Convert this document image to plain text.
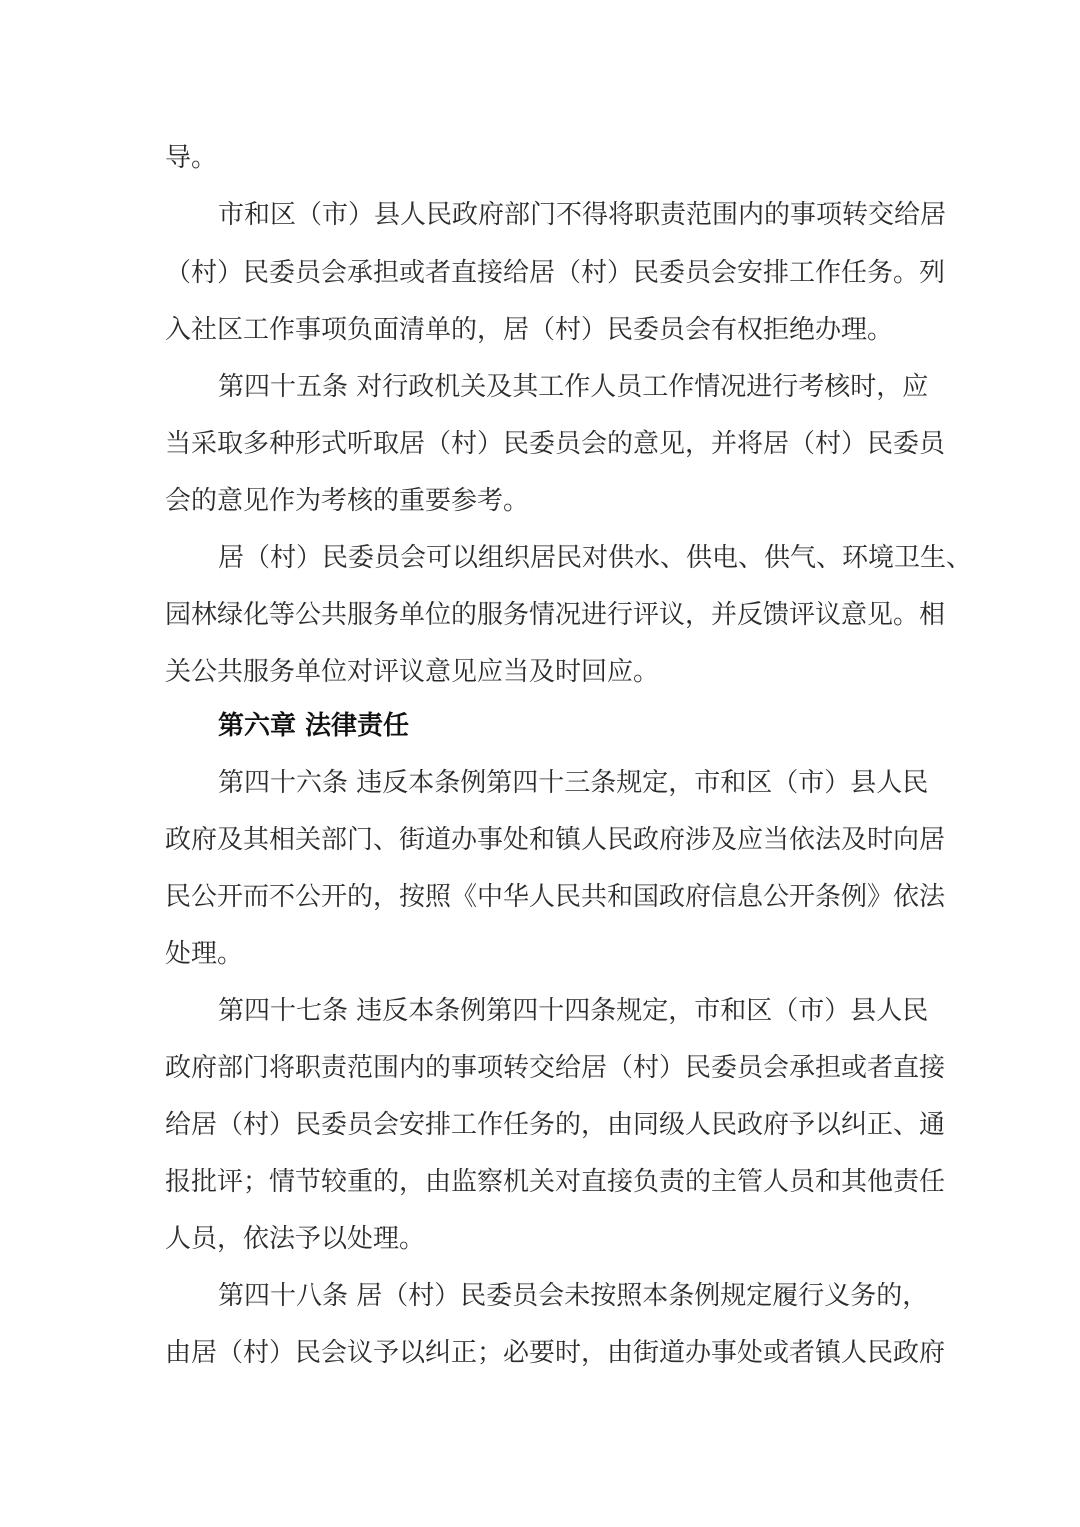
导。
市和区（市）县人民政府部门不得将职责范围内的事项转交给居
（村）民委员会承担或者直接给居（村）民委员会安排工作任务。列
入社区工作事项负面清单的，居（村）民委员会有权拒绝办理。
第四十五条 对行政机关及其工作人员工作情况进行考核时，应
当采取多种形式听取居（村）民委员会的意见，并将居（村）民委员
会的意见作为考核的重要参考。
居（村）民委员会可以组织居民对供水、供电、供气、环境卫生、
园林绿化等公共服务单位的服务情况进行评议，并反馈评议意见。相
关公共服务单位对评议意见应当及时回应。
第六章 法律责任
第四十六条 违反本条例第四十三条规定，市和区（市）县人民
政府及其相关部门、街道办事处和镇人民政府涉及应当依法及时向居
民公开而不公开的，按照《中华人民共和国政府信息公开条例》依法
处理。
第四十七条 违反本条例第四十四条规定，市和区（市）县人民
政府部门将职责范围内的事项转交给居（村）民委员会承担或者直接
给居（村）民委员会安排工作任务的，由同级人民政府予以纠正、通
报批评；情节较重的，由监察机关对直接负责的主管人员和其他责任
人员，依法予以处理。
第四十八条 居（村）民委员会未按照本条例规定履行义务的，
由居（村）民会议予以纠正；必要时，由街道办事处或者镇人民政府
